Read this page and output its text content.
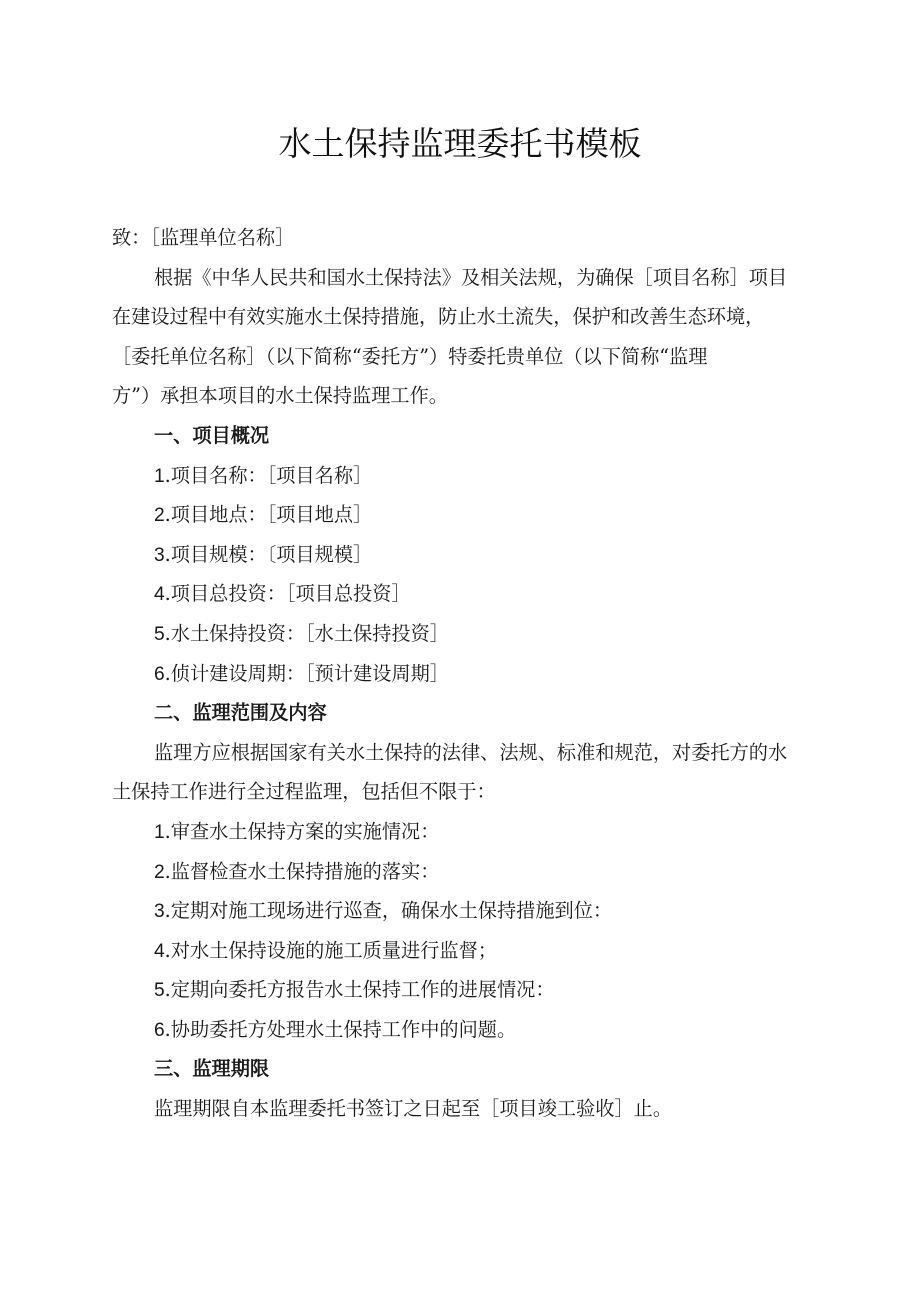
水土保持监理委托书模板
致：［监理单位名称］
根据《中华人民共和国水土保持法》及相关法规，为确保［项目名称］项目
在建设过程中有效实施水土保持措施，防止水土流失，保护和改善生态环境，
［委托单位名称］（以下简称“委托方”）特委托贵单位（以下简称“监理
方”）承担本项目的水土保持监理工作。
一、项目概况
1.项目名称：［项目名称］
2.项目地点：［项目地点］
3.项目规模：〔项目规模］
4.项目总投资：［项目总投资］
5.水土保持投资：［水土保持投资］
6.侦计建设周期：［预计建设周期］
二、监理范围及内容
监理方应根据国家有关水土保持的法律、法规、标准和规范，对委托方的水
土保持工作进行全过程监理，包括但不限于：
1.审查水土保持方案的实施情况：
2.监督检查水土保持措施的落实：
3.定期对施工现场进行巡查，确保水土保持措施到位：
4.对水土保持设施的施工质量进行监督；
5.定期向委托方报告水土保持工作的进展情况：
6.协助委托方处理水土保持工作中的问题。
三、监理期限
监理期限自本监理委托书签订之日起至［项目竣工验收］止。
